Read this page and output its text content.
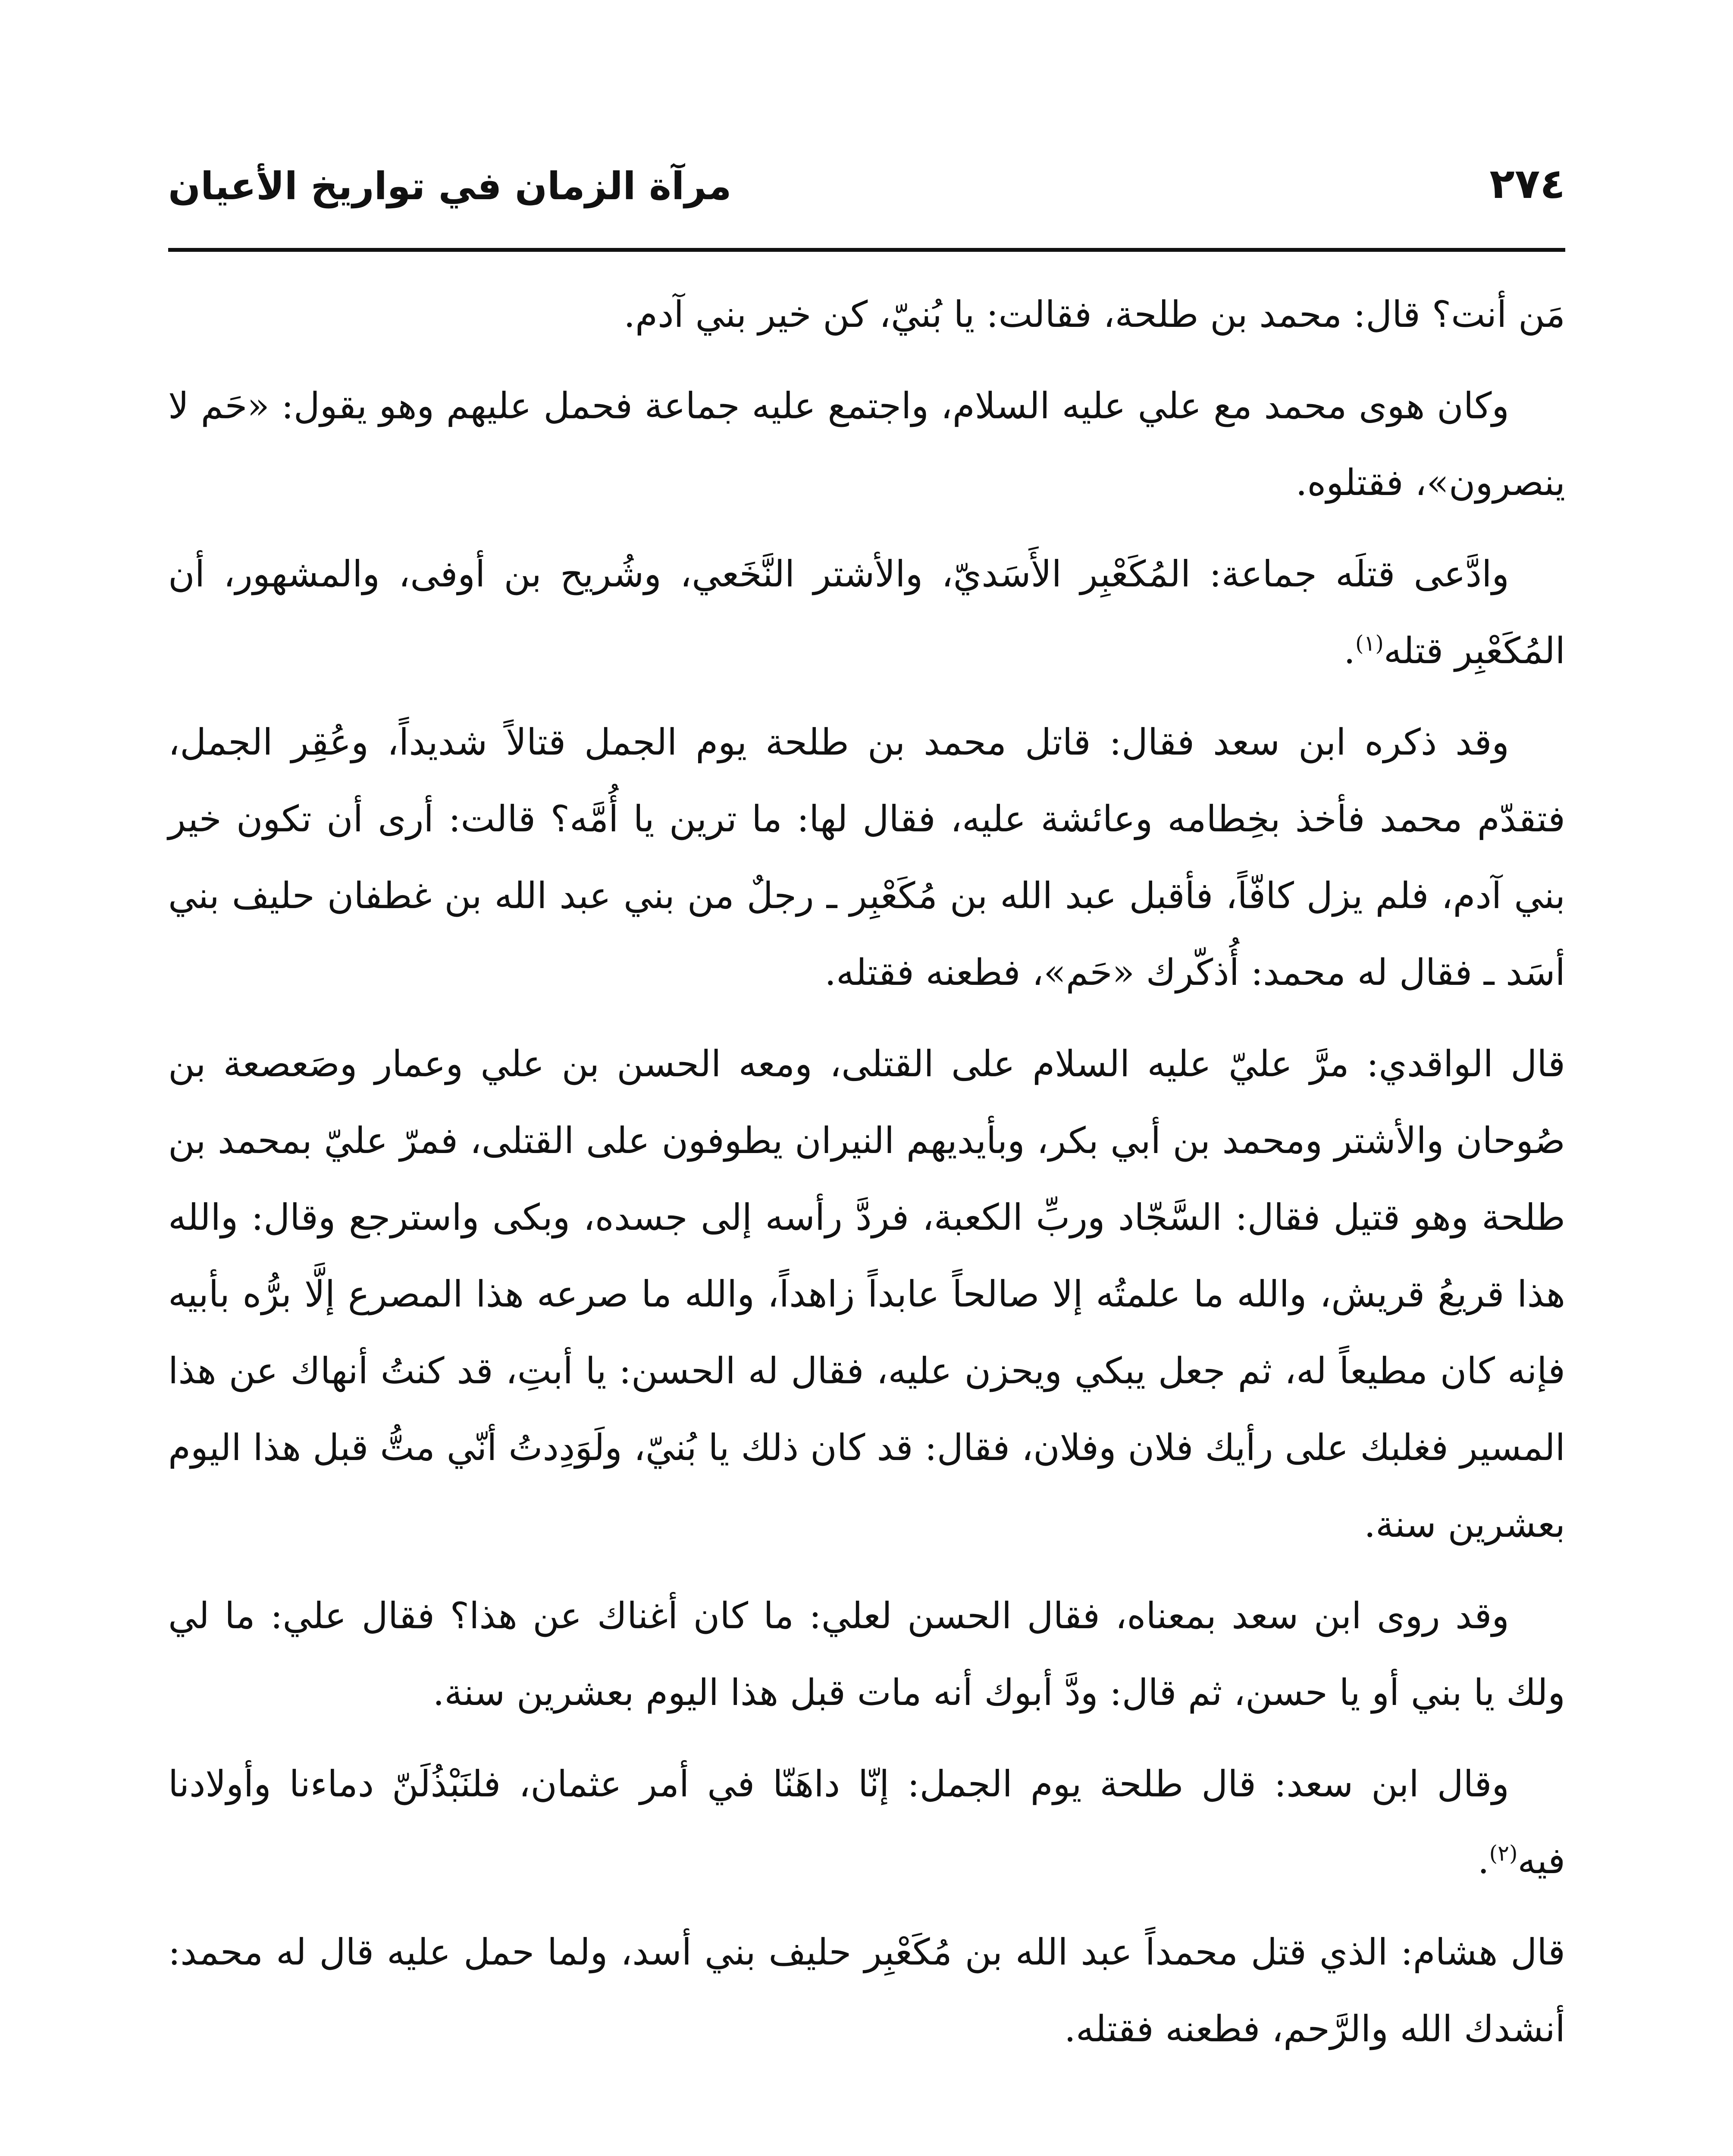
٢٧٤
مرآة الزمان في تواريخ الأعيان

مَن أنت؟ قال: محمد بن طلحة، فقالت: يا بُنيّ، كن خير بني آدم.

وكان هوى محمد مع علي عليه السلام، واجتمع عليه جماعة فحمل عليهم وهو يقول: «حَم لا ينصرون»، فقتلوه.

وادَّعى قتلَه جماعة: المُكَعْبِر الأَسَديّ، والأشتر النَّخَعي، وشُريح بن أوفى، والمشهور، أن المُكَعْبِر قتله$^{(١)}$.

وقد ذكره ابن سعد فقال: قاتل محمد بن طلحة يوم الجمل قتالاً شديداً، وعُقِر الجمل، فتقدّم محمد فأخذ بخِطامه وعائشة عليه، فقال لها: ما ترين يا أُمَّه؟ قالت: أرى أن تكون خير بني آدم، فلم يزل كافّاً، فأقبل عبد الله بن مُكَعْبِر ـ رجلٌ من بني عبد الله بن غطفان حليف بني أسَد ـ فقال له محمد: أُذكّرك «حَم»، فطعنه فقتله.

قال الواقدي: مرَّ عليّ عليه السلام على القتلى، ومعه الحسن بن علي وعمار وصَعصعة بن صُوحان والأشتر ومحمد بن أبي بكر، وبأيديهم النيران يطوفون على القتلى، فمرّ عليّ بمحمد بن طلحة وهو قتيل فقال: السَّجّاد وربِّ الكعبة، فردَّ رأسه إلى جسده، وبكى واسترجع وقال: والله هذا قريعُ قريش، والله ما علمتُه إلا صالحاً عابداً زاهداً، والله ما صرعه هذا المصرع إلَّا برُّه بأبيه فإنه كان مطيعاً له، ثم جعل يبكي ويحزن عليه، فقال له الحسن: يا أبتِ، قد كنتُ أنهاك عن هذا المسير فغلبك على رأيك فلان وفلان، فقال: قد كان ذلك يا بُنيّ، ولَوَدِدتُ أنّي متُّ قبل هذا اليوم بعشرين سنة.

وقد روى ابن سعد بمعناه، فقال الحسن لعلي: ما كان أغناك عن هذا؟ فقال علي: ما لي ولك يا بني أو يا حسن، ثم قال: ودَّ أبوك أنه مات قبل هذا اليوم بعشرين سنة.

وقال ابن سعد: قال طلحة يوم الجمل: إنّا داهَنّا في أمر عثمان، فلنَبْذُلَنّ دماءنا وأولادنا فيه$^{(٢)}$.

قال هشام: الذي قتل محمداً عبد الله بن مُكَعْبِر حليف بني أسد، ولما حمل عليه قال له محمد: أنشدك الله والرَّحم، فطعنه فقتله.
